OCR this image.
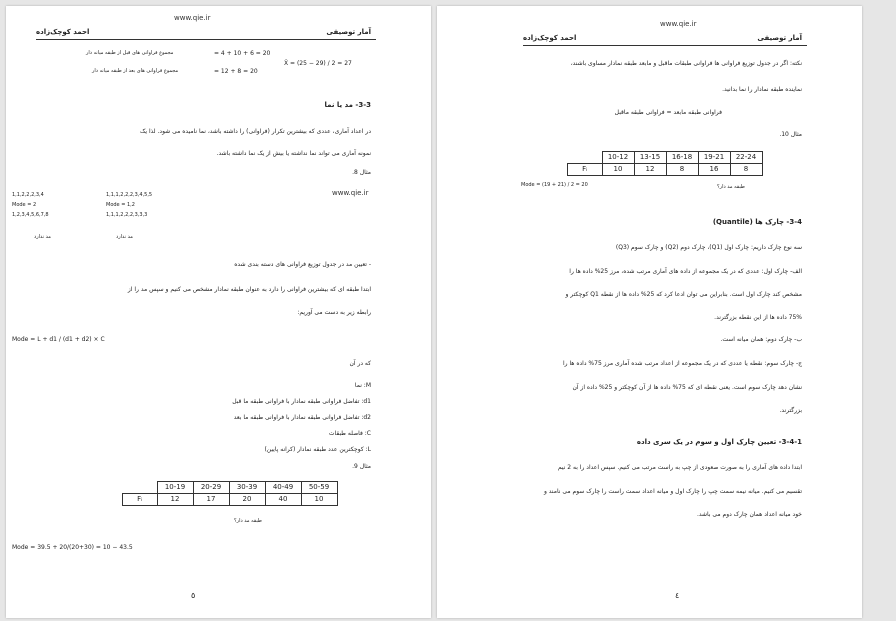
www.qie.ir
آمار توصیفی
احمد کوچک‌زاده
مجموع فراوانی های قبل از طبقه میانه دار
مجموع فراوانی های بعد از طبقه میانه دار
= 4 + 10 + 6 = 20
= 12 + 8 = 20
X̃ = (25 − 29) / 2 = 27
3-3- مد یا نما
در اعداد آماری، عددی که بیشترین تکرار (فراوانی) را داشته باشد، نما نامیده می شود. لذا یک
نمونه آماری می تواند نما نداشته یا بیش از یک نما داشته باشد.
مثال 8.
www.qie.ir
1,1,2,2,2,3,4
Mode = 2
1,2,3,4,5,6,7,8
1,1,1,2,2,2,3,4,5,5
Mode = 1,2
1,1,1,2,2,2,3,3,3
مد ندارد	مد ندارد
- تعیین مد در جدول توزیع فراوانی های دسته بندی شده
ابتدا طبقه ای که بیشترین فراوانی را دارد به عنوان طبقه نمادار مشخص می کنیم و سپس مد را از
رابطه زیر به دست می آوریم:
Mode = L + d1 / (d1 + d2) × C
که در آن
M: نما
d1: تفاضل فراوانی طبقه نمادار با فراوانی طبقه ما قبل
d2: تفاضل فراوانی طبقه نمادار با فراوانی طبقه ما بعد
C: فاصله طبقات
L: کوچکترین عدد طبقه نمادار (کرانه پایین)
مثال 9.
	10-19	20-29	30-39	40-49	50-59
Fᵢ	12	17	20	40	10
طبقه مد دار؟
Mode = 39.5 + 20/(20+30) = 10 − 43.5
٥
www.qie.ir
آمار توصیفی
احمد کوچک‌زاده
نکته: اگر در جدول توزیع فراوانی ها فراوانی طبقات ماقبل و مابعد طبقه نمادار مساوی باشند،
نماینده طبقه نمادار را نما بدانید.
فراوانی طبقه مابعد = فراوانی طبقه ماقبل
مثال 10.
	10-12	13-15	16-18	19-21	22-24
Fᵢ	10	12	8	16	8
Mode = (19 + 21) / 2 = 20	طبقه مد دار؟
3-4- چارک ها (Quantile)
سه نوع چارک داریم: چارک اول (Q1)، چارک دوم (Q2) و چارک سوم (Q3)
الف- چارک اول: عددی که در یک مجموعه از داده های آماری مرتب شده، مرز 25% داده ها را
مشخص کند چارک اول است. بنابراین می توان ادعا کرد که 25% داده ها از نقطه Q1 کوچکتر و
75% داده ها از این نقطه بزرگترند.
ب- چارک دوم: همان میانه است.
ج- چارک سوم: نقطه یا عددی که در یک مجموعه از اعداد مرتب شده آماری مرز 75% داده ها را
نشان دهد چارک سوم است. یعنی نقطه ای که 75% داده ها از آن کوچکتر و 25% داده از آن
بزرگترند.
3-4-1- تعیین چارک اول و سوم در یک سری داده
ابتدا داده های آماری را به صورت صعودی از چپ به راست مرتب می کنیم. سپس اعداد را به 2 نیم
تقسیم می کنیم. میانه نیمه سمت چپ را چارک اول و میانه اعداد سمت راست را چارک سوم می نامند و
خود میانه اعداد همان چارک دوم می باشد.
٤
